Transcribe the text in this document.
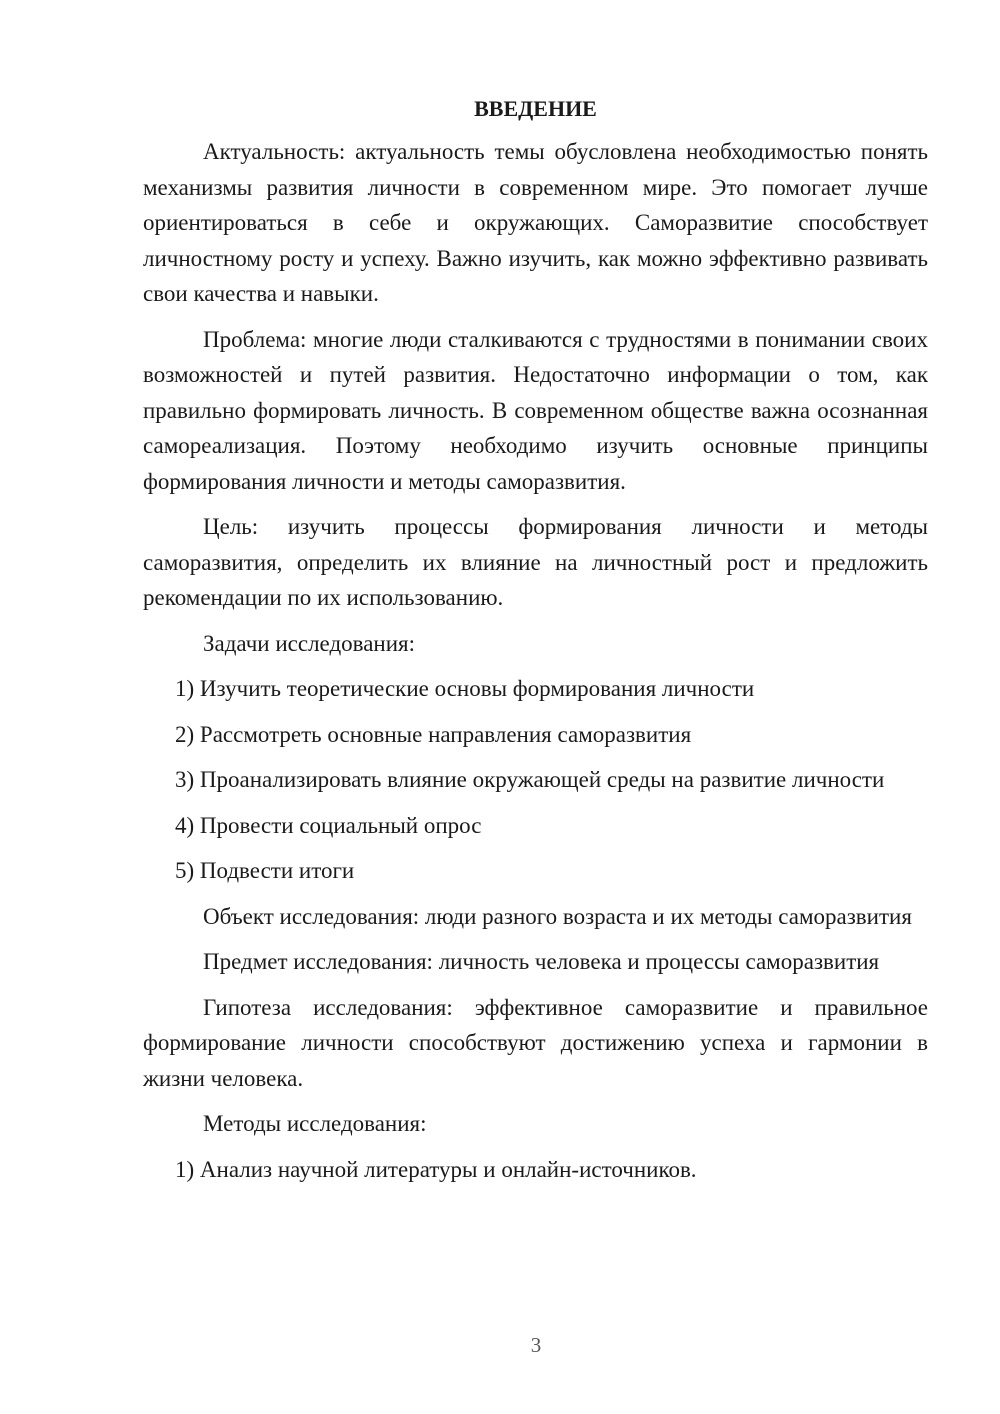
ВВЕДЕНИЕ
Актуальность: актуальность темы обусловлена необходимостью понять механизмы развития личности в современном мире. Это помогает лучше ориентироваться в себе и окружающих. Саморазвитие способствует личностному росту и успеху. Важно изучить, как можно эффективно развивать свои качества и навыки.
Проблема: многие люди сталкиваются с трудностями в понимании своих возможностей и путей развития. Недостаточно информации о том, как правильно формировать личность. В современном обществе важна осознанная самореализация. Поэтому необходимо изучить основные принципы формирования личности и методы саморазвития.
Цель: изучить процессы формирования личности и методы саморазвития, определить их влияние на личностный рост и предложить рекомендации по их использованию.
Задачи исследования:
1) Изучить теоретические основы формирования личности
2) Рассмотреть основные направления саморазвития
3) Проанализировать влияние окружающей среды на развитие личности
4) Провести социальный опрос
5) Подвести итоги
Объект исследования: люди разного возраста и их методы саморазвития
Предмет исследования: личность человека и процессы саморазвития
Гипотеза исследования: эффективное саморазвитие и правильное формирование личности способствуют достижению успеха и гармонии в жизни человека.
Методы исследования:
1) Анализ научной литературы и онлайн-источников.
3
